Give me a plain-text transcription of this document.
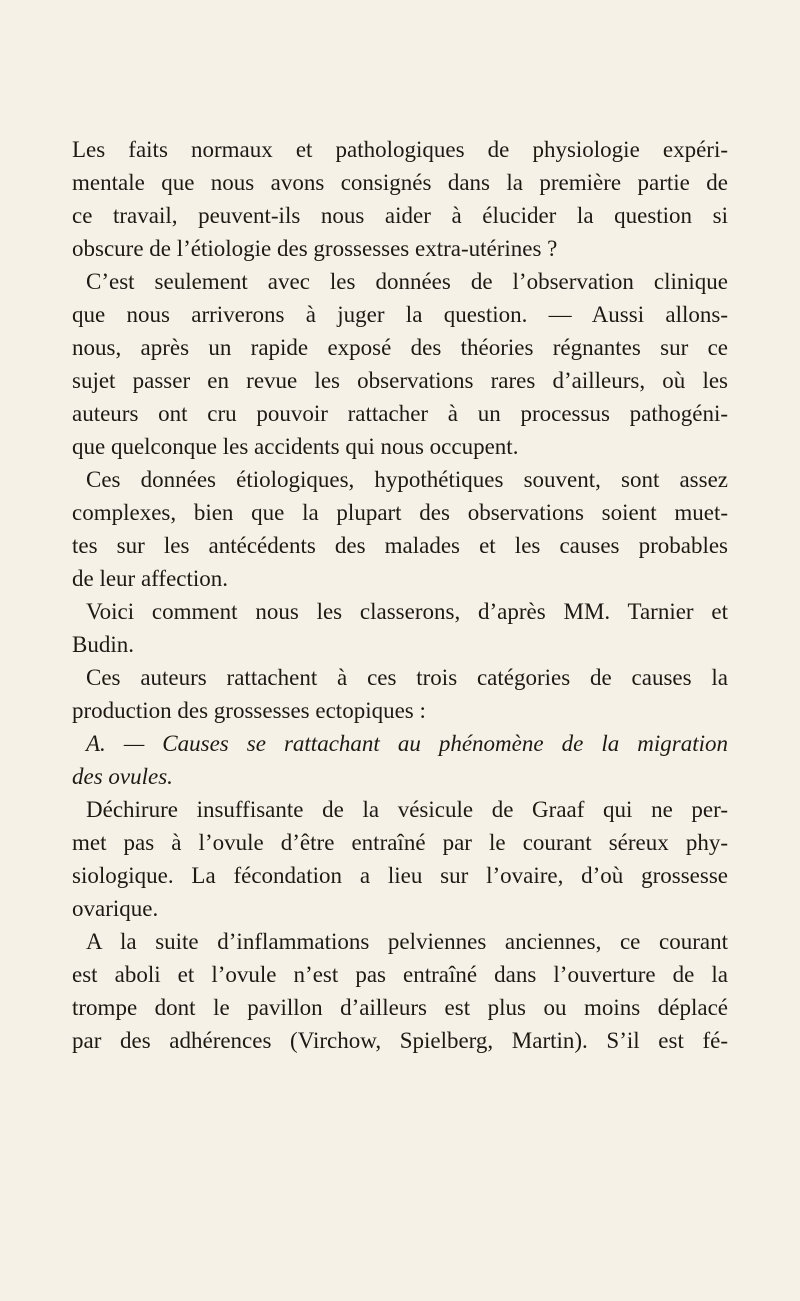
Les faits normaux et pathologiques de physiologie expéri-
mentale que nous avons consignés dans la première partie de
ce travail, peuvent-ils nous aider à élucider la question si
obscure de l’étiologie des grossesses extra-utérines ?
C’est seulement avec les données de l’observation clinique
que nous arriverons à juger la question. — Aussi allons-
nous, après un rapide exposé des théories régnantes sur ce
sujet passer en revue les observations rares d’ailleurs, où les
auteurs ont cru pouvoir rattacher à un processus pathogéni-
que quelconque les accidents qui nous occupent.
Ces données étiologiques, hypothétiques souvent, sont assez
complexes, bien que la plupart des observations soient muet-
tes sur les antécédents des malades et les causes probables
de leur affection.
Voici comment nous les classerons, d’après MM. Tarnier et
Budin.
Ces auteurs rattachent à ces trois catégories de causes la
production des grossesses ectopiques :
A. — Causes se rattachant au phénomène de la migration
des ovules.
Déchirure insuffisante de la vésicule de Graaf qui ne per-
met pas à l’ovule d’être entraîné par le courant séreux phy-
siologique. La fécondation a lieu sur l’ovaire, d’où grossesse
ovarique.
A la suite d’inflammations pelviennes anciennes, ce courant
est aboli et l’ovule n’est pas entraîné dans l’ouverture de la
trompe dont le pavillon d’ailleurs est plus ou moins déplacé
par des adhérences (Virchow, Spielberg, Martin). S’il est fé-
